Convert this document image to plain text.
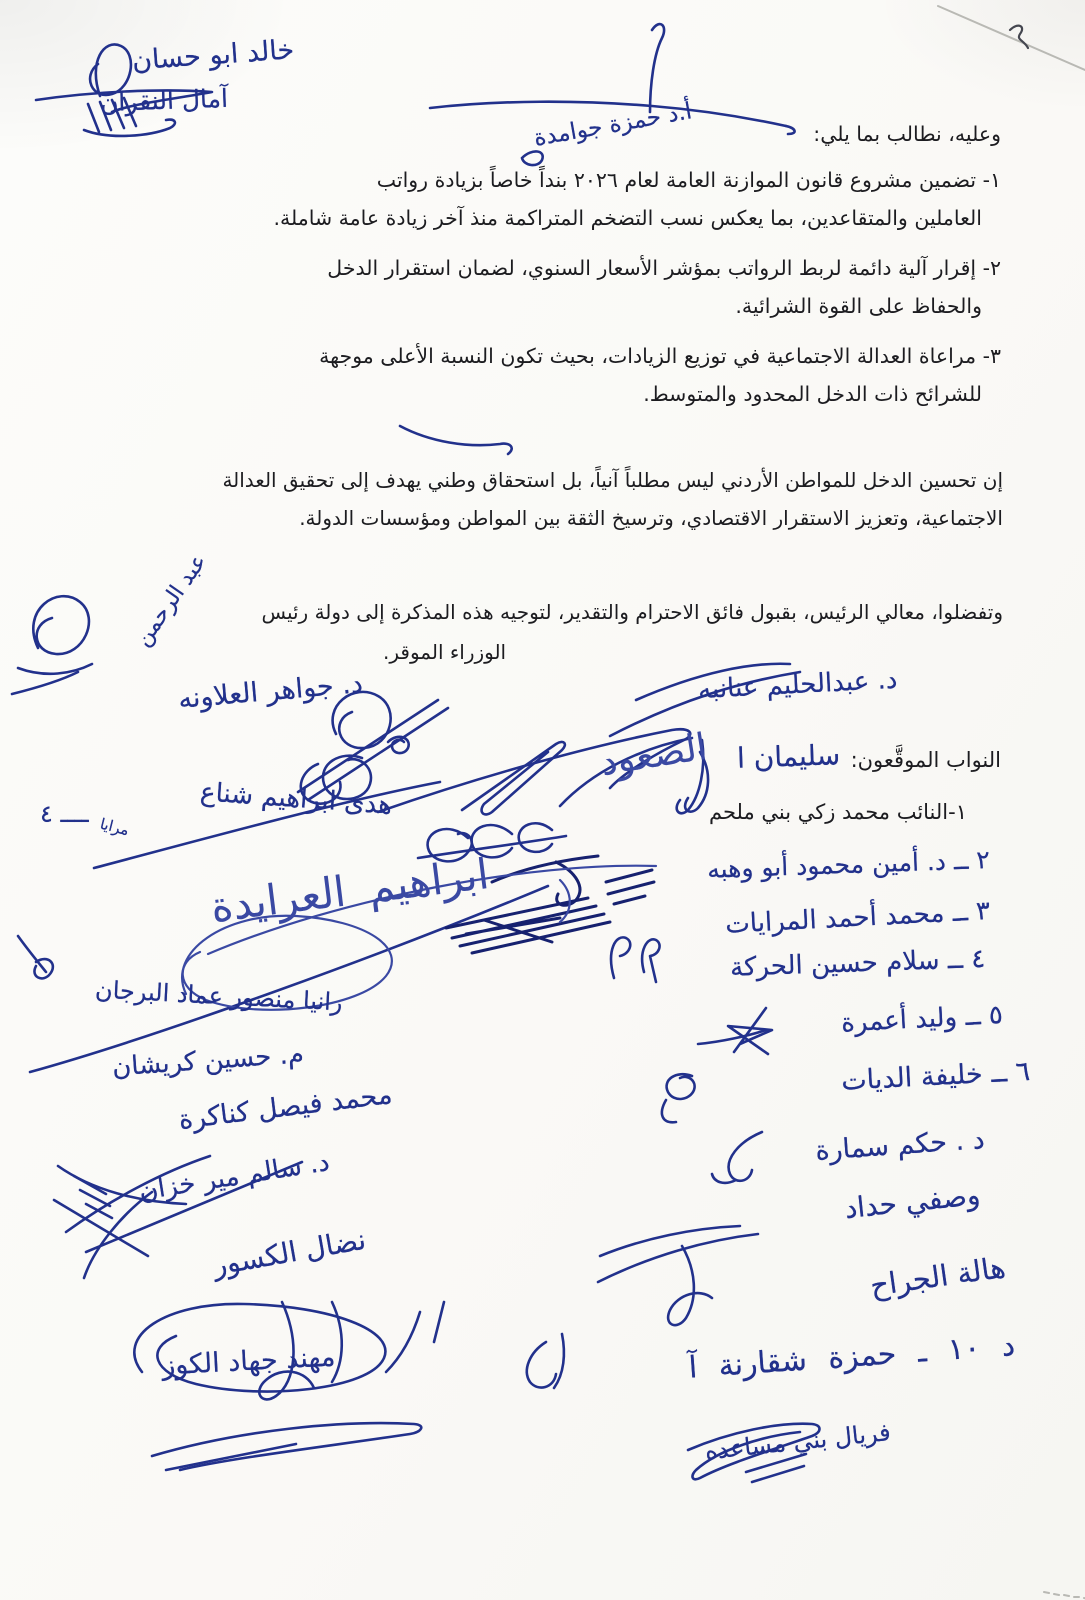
وعليه، نطالب بما يلي:
١- تضمين مشروع قانون الموازنة العامة لعام ٢٠٢٦ بنداً خاصاً بزيادة رواتب
العاملين والمتقاعدين، بما يعكس نسب التضخم المتراكمة منذ آخر زيادة عامة شاملة.
٢- إقرار آلية دائمة لربط الرواتب بمؤشر الأسعار السنوي، لضمان استقرار الدخل
والحفاظ على القوة الشرائية.
٣- مراعاة العدالة الاجتماعية في توزيع الزيادات، بحيث تكون النسبة الأعلى موجهة
للشرائح ذات الدخل المحدود والمتوسط.
إن تحسين الدخل للمواطن الأردني ليس مطلباً آنياً، بل استحقاق وطني يهدف إلى تحقيق العدالة
الاجتماعية، وتعزيز الاستقرار الاقتصادي، وترسيخ الثقة بين المواطن ومؤسسات الدولة.
وتفضلوا، معالي الرئيس، بقبول فائق الاحترام والتقدير، لتوجيه هذه المذكرة إلى دولة رئيس
الوزراء الموقر.
النواب الموقَّعون:
١-النائب محمد زكي بني ملحم
خالد ابو حسان
آمال النقران	أ.د حمزة جوامدة
عبد الرحمن
د. جواهر العلاونه	د. عبدالحليم عنانبه
سليمان ا
الصعود
هدى ابراهيم شناع
ــــ ٤ مرايا
ابراهيم العرايدة
رانيا منصور عماد البرجان
م. حسين كريشان
محمد فيصل كناكرة
د. سالم مير خزان
نضال الكسور
مهند جهاد الكوز
٢ ــ د. أمين محمود أبو وهبه
٣ ــ محمد أحمد المرايات
٤ ــ سلام حسين الحركة
٥ ــ وليد أعمرة
٦ ــ خليفة الديات
د . حكم سمارة
وصفي حداد
هالة الجراح
د ١٠ ـ حمزة شقارنة آ
فريال بني مساعده
